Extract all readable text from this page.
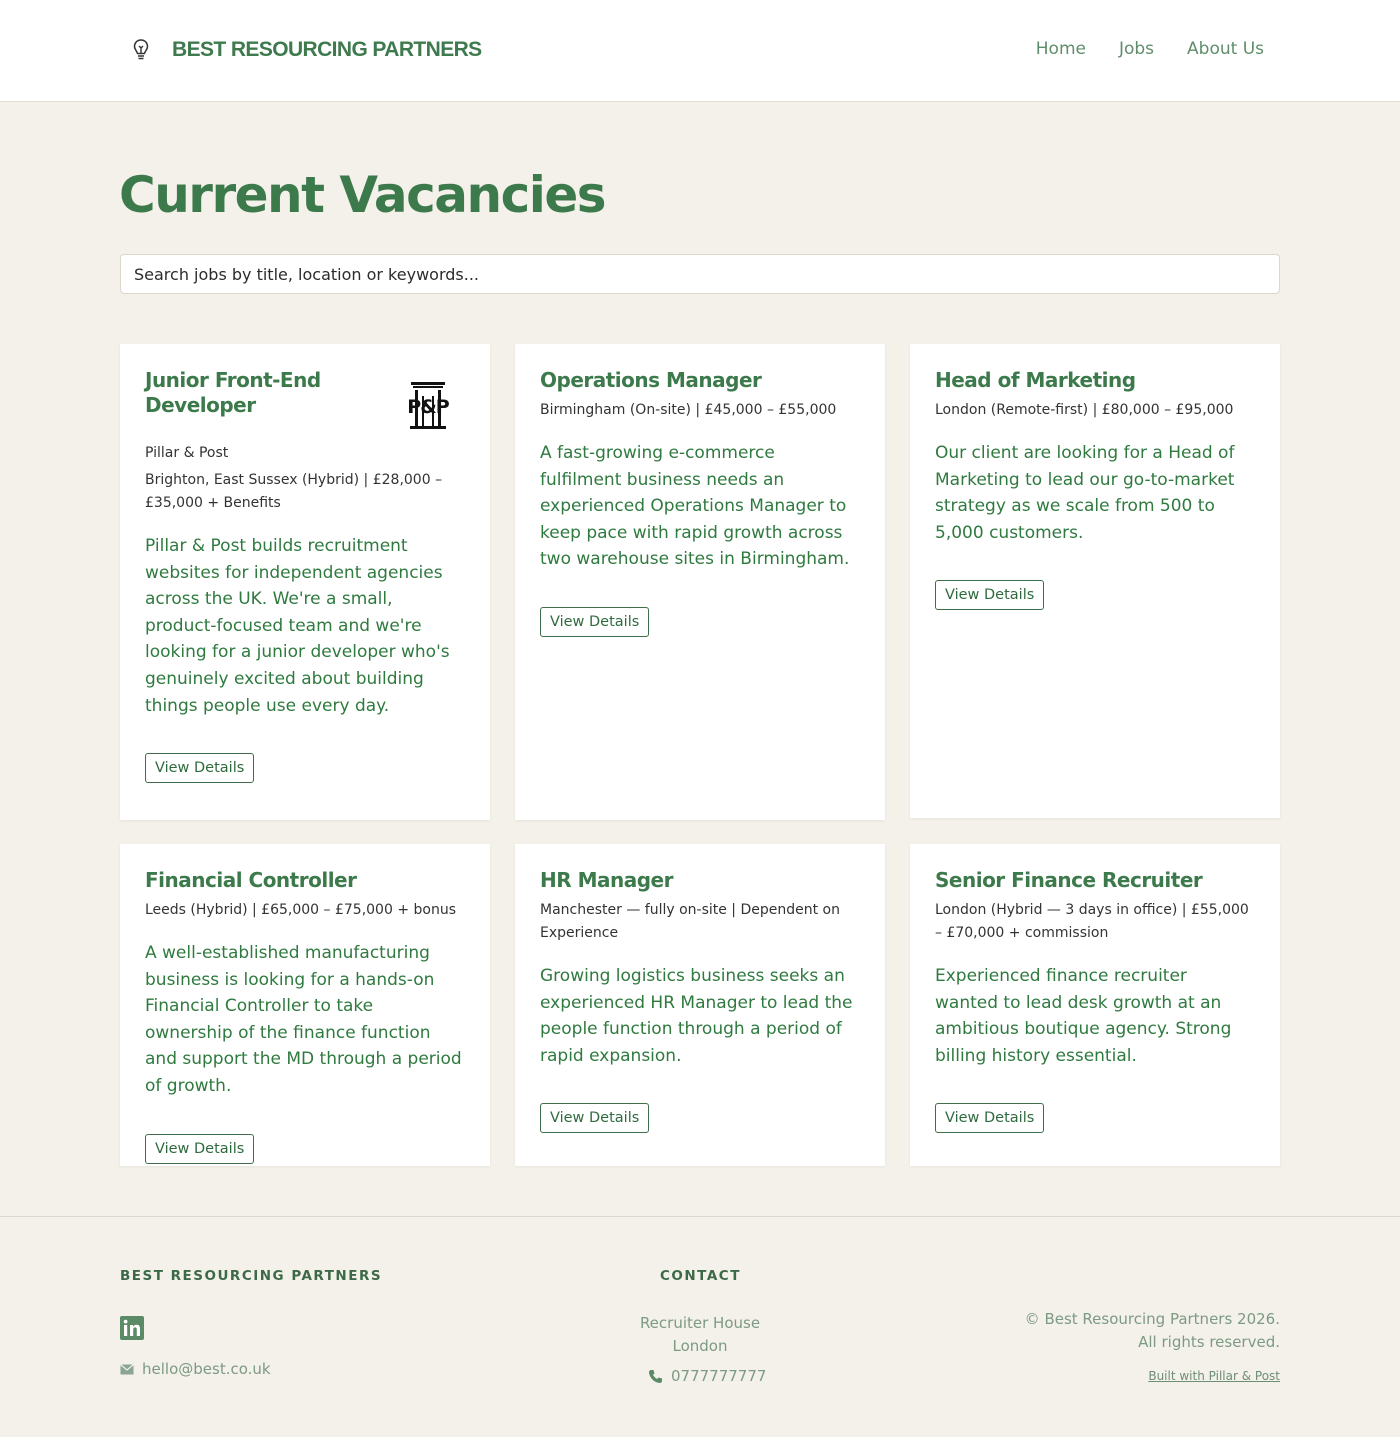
BEST RESOURCING PARTNERS	Home Jobs About Us
Current Vacancies
Search jobs by title, location or keywords...
Junior Front-End
Developer	P&P
Pillar & Post
Brighton, East Sussex (Hybrid) | £28,000 –
£35,000 + Benefits

Pillar & Post builds recruitment websites for independent agencies across the UK. We're a small, product-focused team and we're looking for a junior developer who's genuinely excited about building things people use every day.

View Details
Operations Manager
Birmingham (On-site) | £45,000 – £55,000

A fast-growing e-commerce fulfilment business needs an experienced Operations Manager to keep pace with rapid growth across two warehouse sites in Birmingham.

View Details
Head of Marketing
London (Remote-first) | £80,000 – £95,000

Our client are looking for a Head of Marketing to lead our go-to-market strategy as we scale from 500 to 5,000 customers.

View Details
Financial Controller
Leeds (Hybrid) | £65,000 – £75,000 + bonus

A well-established manufacturing business is looking for a hands-on Financial Controller to take ownership of the finance function and support the MD through a period of growth.

View Details
HR Manager
Manchester — fully on-site | Dependent on
Experience

Growing logistics business seeks an experienced HR Manager to lead the people function through a period of rapid expansion.

View Details
Senior Finance Recruiter
London (Hybrid — 3 days in office) | £55,000
– £70,000 + commission

Experienced finance recruiter wanted to lead desk growth at an ambitious boutique agency. Strong billing history essential.

View Details
BEST RESOURCING PARTNERS
hello@best.co.uk
CONTACT
Recruiter House
London
0777777777
© Best Resourcing Partners 2026.
All rights reserved.
Built with Pillar & Post
